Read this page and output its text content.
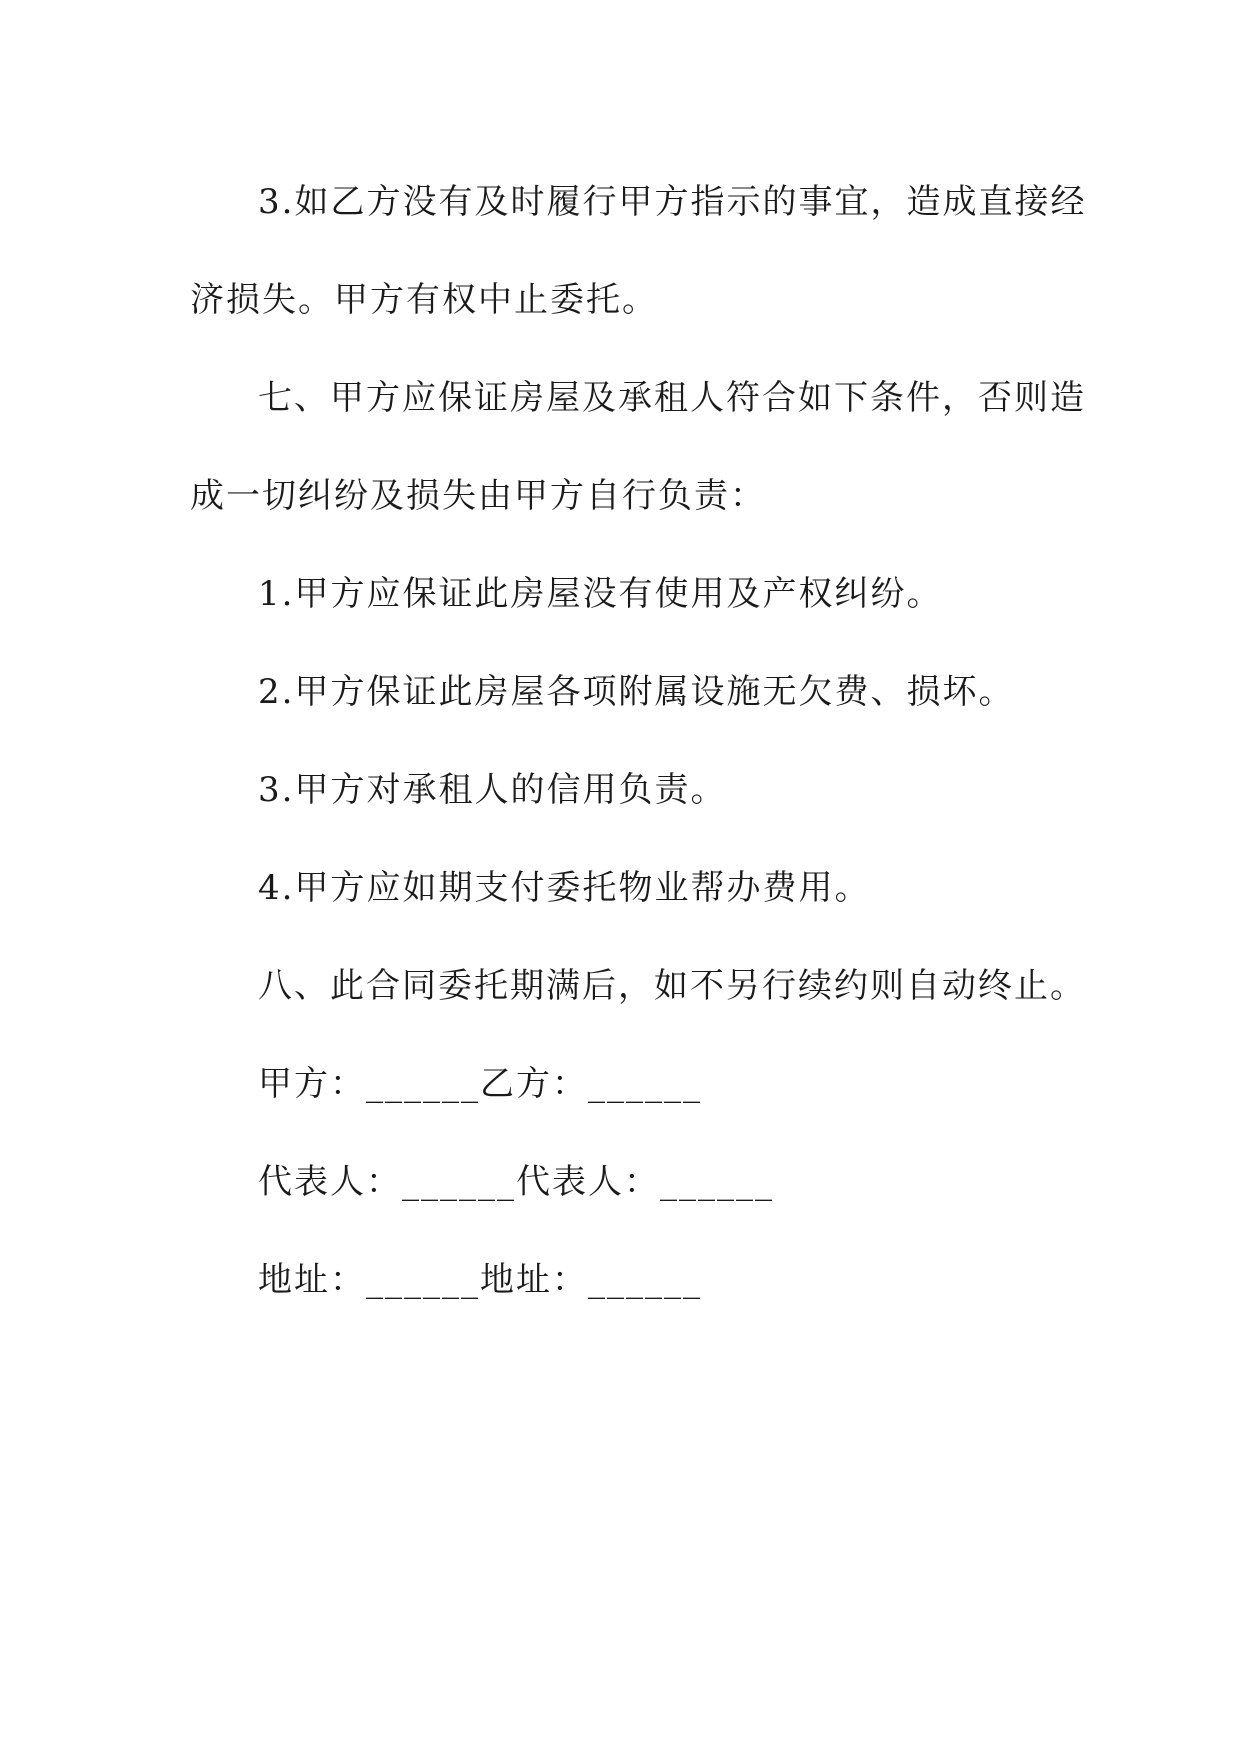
3.如乙方没有及时履行甲方指示的事宜，造成直接经
济损失。甲方有权中止委托。
七、甲方应保证房屋及承租人符合如下条件，否则造
成一切纠纷及损失由甲方自行负责：
1.甲方应保证此房屋没有使用及产权纠纷。
2.甲方保证此房屋各项附属设施无欠费、损坏。
3.甲方对承租人的信用负责。
4.甲方应如期支付委托物业帮办费用。
八、此合同委托期满后，如不另行续约则自动终止。
甲方：______乙方：______
代表人：______代表人：______
地址：______地址：______
